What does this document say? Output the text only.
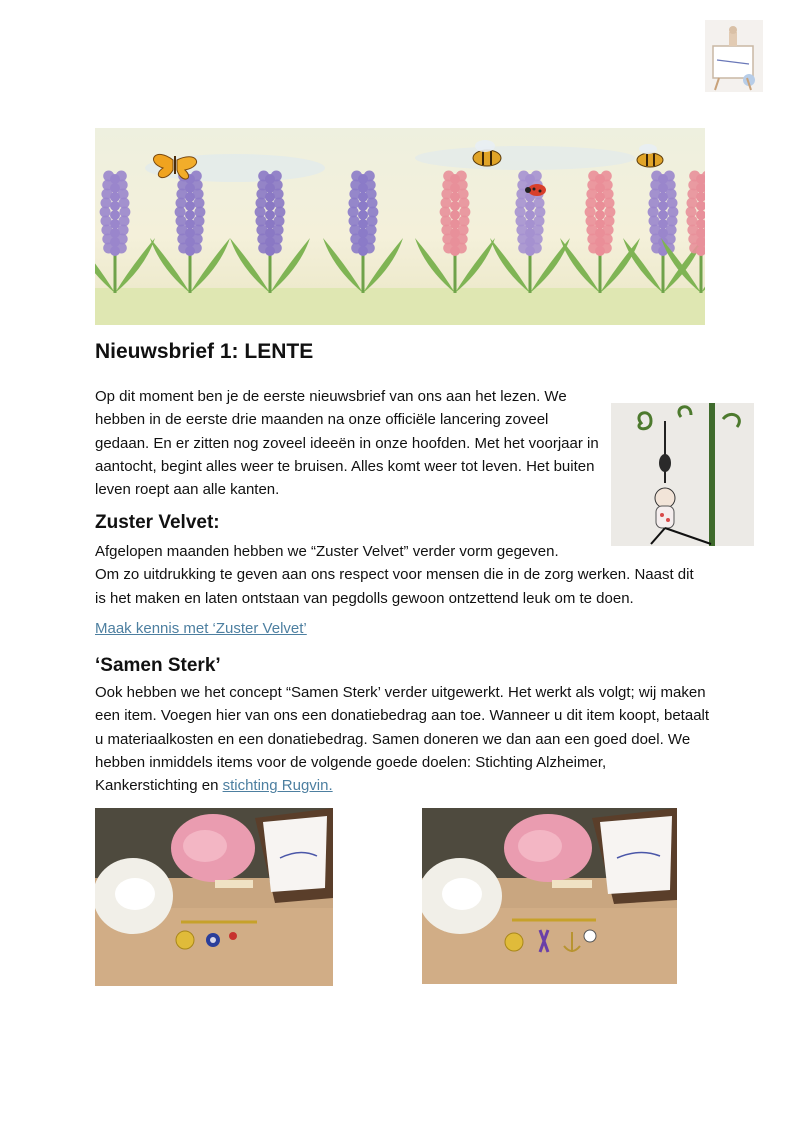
Nieuwsbrief 1: LENTE

Op dit moment ben je de eerste nieuwsbrief van ons aan het lezen. We hebben in de eerste drie maanden na onze officiële lancering zoveel gedaan. En er zitten nog zoveel ideeën in onze hoofden. Met het voorjaar in aantocht, begint alles weer te bruisen. Alles komt weer tot leven. Het buiten leven roept aan alle kanten.

Zuster Velvet:
Afgelopen maanden hebben we “Zuster Velvet” verder vorm gegeven.
Om zo uitdrukking te geven aan ons respect voor mensen die in de zorg werken. Naast dit is het maken en laten ontstaan van pegdolls gewoon ontzettend leuk om te doen.
Maak kennis met ‘Zuster Velvet’
‘Samen Sterk’

Ook hebben we het concept “Samen Sterk’ verder uitgewerkt. Het werkt als volgt; wij maken een item. Voegen hier van ons een donatiebedrag aan toe. Wanneer u dit item koopt, betaalt u materiaalkosten en een donatiebedrag. Samen doneren we dan aan een goed doel. We hebben inmiddels items voor de volgende goede doelen: Stichting Alzheimer, Kankerstichting en stichting Rugvin.
